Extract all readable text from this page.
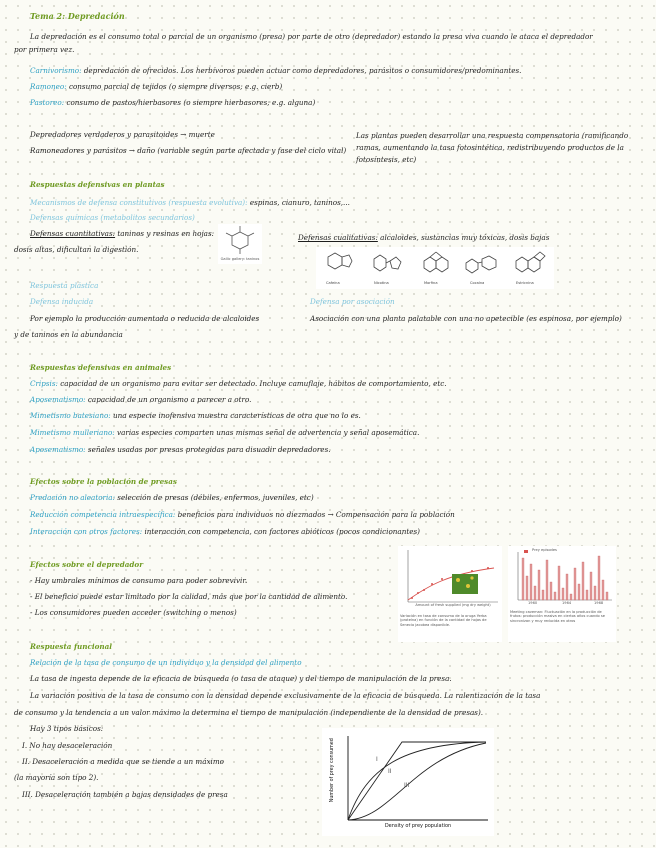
Tema 2: Depredación
La depredación es el consumo total o parcial de un organismo (presa) por parte de otro (depredador) estando la presa viva cuando le ataca el depredador
por primera vez.
Carnivorismo: depredación de ofrecidos. Los herbívoros pueden actuar como depredadores, parásitos o consumidores/predominantes.
Ramoneo: consumo parcial de tejidos (o siempre diversos; e.g. cierb)
Pastoreo: consumo de pastos/hierbasores (o siempre hierbasores; e.g. alguna)
Depredadores verdaderos y parasitoides → muerte
Ramoneadores y parásitos → daño (variable según parte afectada y fase del ciclo vital)
Las plantas pueden desarrollar una respuesta compensatoria (ramificando ramas, aumentando la tasa fotosintética, redistribuyendo productos de la fotosíntesis, etc)
Respuestas defensivas en plantas
Mecanismos de defensa constitutivos (respuesta evolutiva): espinas, cianuro, taninos,...
Defensas químicas (metabolitos secundarios)
Defensas cuantitativas: taninos y resinas en hojas:
dosis altas, dificultan la digestión.
Gallic gallery: taninos
Defensas cualitativas: alcaloides, sustancias muy tóxicas, dosis bajas
Cafeína	Nicotina	Morfina	Cocaína	Estricnina
Respuesta plástica
Defensa inducida
Por ejemplo la producción aumentada o reducida de alcaloides
y de taninos en la abundancia
Defensa por asociación
Asociación con una planta palatable con una no apetecible (es espinosa, por ejemplo)
Respuestas defensivas en animales
Cripsis: capacidad de un organismo para evitar ser detectado. Incluye camuflaje, hábitos de comportamiento, etc.
Aposematismo: capacidad de un organismo a parecer a otro.
Mimetismo batesiano: una especie inofensiva muestra características de otra que no lo es.
Mimetismo mulleriano: varias especies comparten unas mismas señal de advertencia y señal aposemática.
Aposematismo: señales usadas por presas protegidas para disuadir depredadores.
Efectos sobre la población de presas
Predación no aleatoria: selección de presas (débiles, enfermos, juveniles, etc)
Reducción competencia intraespecífica: beneficios para individuos no diezmados → Compensación para la población
Interacción con otros factores: interacción con competencia, con factores abióticos (pocos condicionantes)
Efectos sobre el depredador
- Hay umbrales mínimos de consumo para poder sobrevivir.
- El beneficio puede estar limitado por la calidad, más que por la cantidad de alimento.
- Los consumidores pueden acceder (switching o menos)
Amount of fresh supplied (mg dry weight)
Variación en tasa de consumo de la oruga Yerba (proteína) en función de la cantidad de hojas de Senecio jacobea disponible.
Prey episodes
1960	1964	1968
Meeting caveman: Fluctuación en la producción de frutos: producción masiva en ciertos años cuando se sincronizan y muy reducida en otros
Respuesta funcional
Relación de la tasa de consumo de un individuo y la densidad del alimento
La tasa de ingesta depende de la eficacia de búsqueda (o tasa de ataque) y del tiempo de manipulación de la presa.
La variación positiva de la tasa de consumo con la densidad depende exclusivamente de la eficacia de búsqueda. La ralentización de la tasa
de consumo y la tendencia a un valor máximo la determina el tiempo de manipulación (independiente de la densidad de presas).
Hay 3 tipos básicos:
I. No hay desaceleración
II. Desaceleración a medida que se tiende a un máximo
(la mayoría son tipo 2).
III. Desaceleración también a bajas densidades de presa
I
II
III
Number of prey consumed
Density of prey population
